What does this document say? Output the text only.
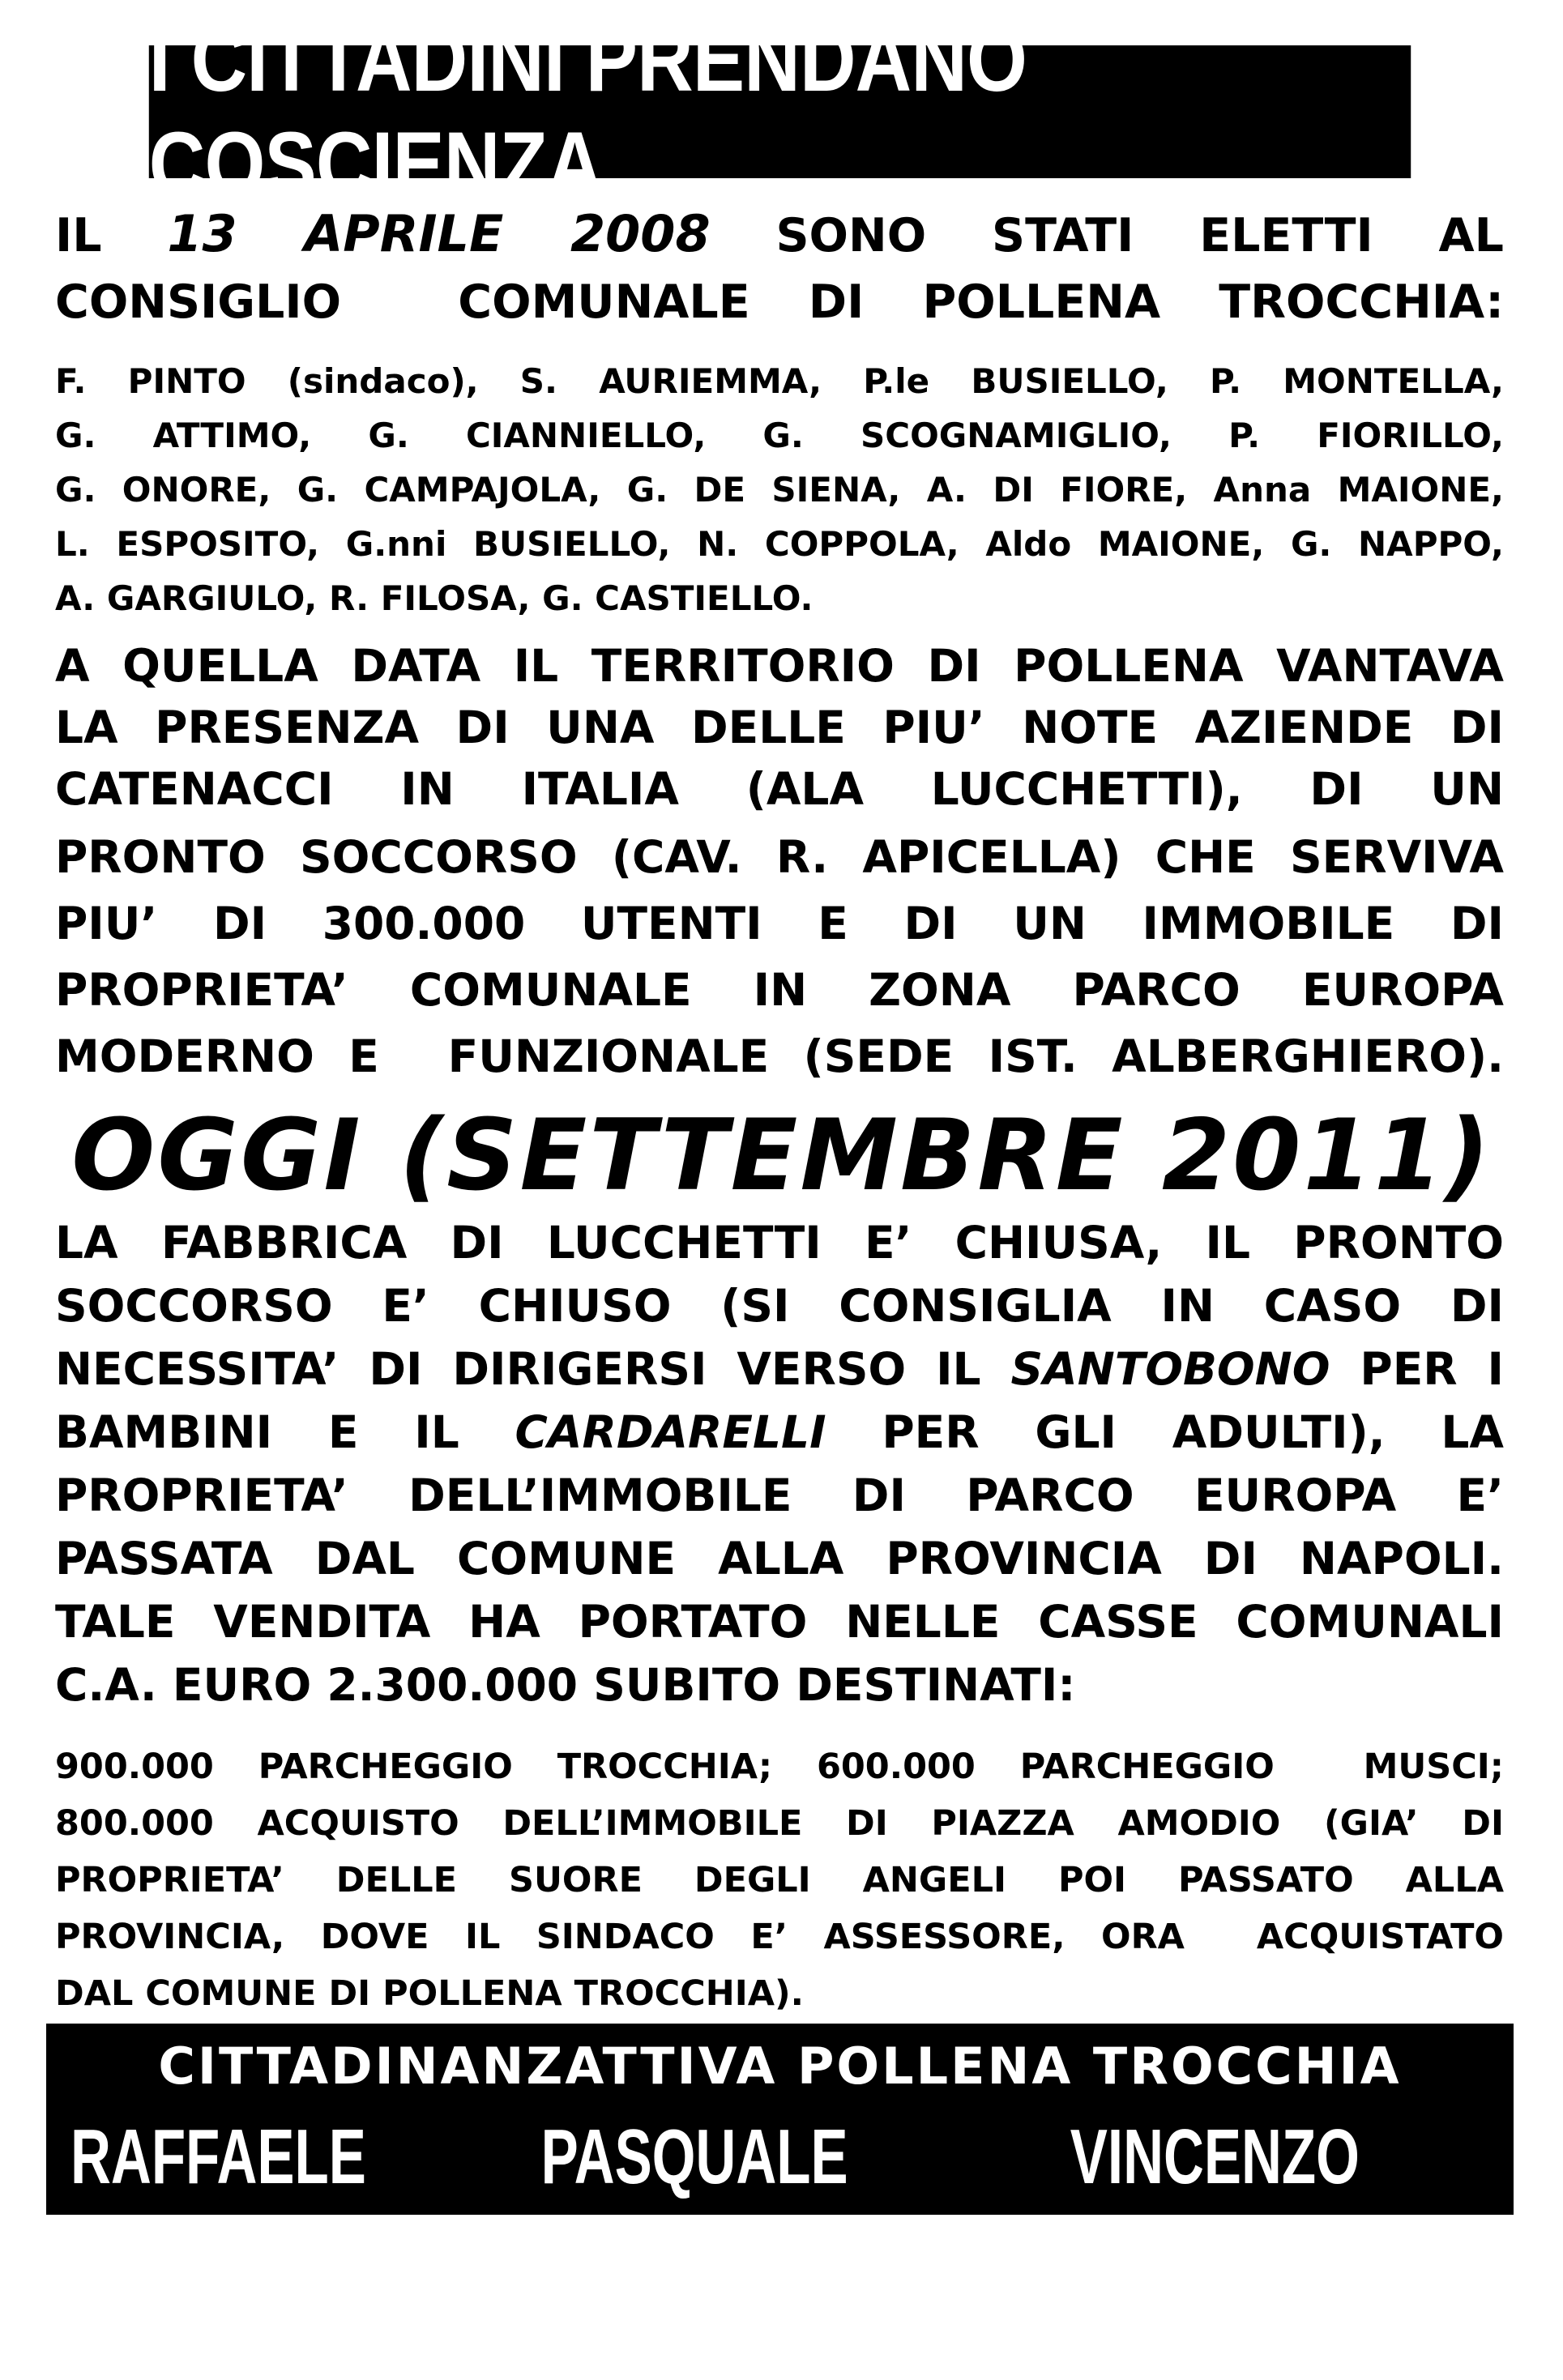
I CITTADINI PRENDANO COSCIENZA
IL 13 APRILE 2008 SONO STATI ELETTI AL
CONSIGLIO  COMUNALE DI POLLENA TROCCHIA:
F. PINTO (sindaco), S. AURIEMMA, P.le BUSIELLO, P. MONTELLA,
G. ATTIMO, G. CIANNIELLO, G. SCOGNAMIGLIO, P. FIORILLO,
G. ONORE, G. CAMPAJOLA, G. DE SIENA, A. DI FIORE, Anna MAIONE,
L. ESPOSITO, G.nni BUSIELLO, N. COPPOLA, Aldo MAIONE, G. NAPPO,
A. GARGIULO, R. FILOSA, G. CASTIELLO.
A QUELLA DATA IL TERRITORIO DI POLLENA VANTAVA
LA PRESENZA DI UNA DELLE PIU’ NOTE AZIENDE DI
CATENACCI IN ITALIA (ALA LUCCHETTI), DI UN
PRONTO SOCCORSO (CAV. R. APICELLA) CHE SERVIVA
PIU’ DI 300.000 UTENTI E DI UN IMMOBILE DI
PROPRIETA’ COMUNALE IN ZONA PARCO EUROPA
MODERNO E  FUNZIONALE (SEDE IST. ALBERGHIERO).
OGGI (SETTEMBRE 2011)
LA FABBRICA DI LUCCHETTI E’ CHIUSA, IL PRONTO
SOCCORSO E’ CHIUSO (SI CONSIGLIA IN CASO DI
NECESSITA’ DI DIRIGERSI VERSO IL SANTOBONO PER I
BAMBINI E IL CARDARELLI PER GLI ADULTI), LA
PROPRIETA’ DELL’IMMOBILE DI PARCO EUROPA E’
PASSATA DAL COMUNE ALLA PROVINCIA DI NAPOLI.
TALE VENDITA HA PORTATO NELLE CASSE COMUNALI
C.A. EURO 2.300.000 SUBITO DESTINATI:
900.000 PARCHEGGIO TROCCHIA; 600.000 PARCHEGGIO  MUSCI;
800.000 ACQUISTO DELL’IMMOBILE DI PIAZZA AMODIO (GIA’ DI
PROPRIETA’ DELLE SUORE DEGLI ANGELI POI PASSATO ALLA
PROVINCIA, DOVE IL SINDACO E’ ASSESSORE, ORA  ACQUISTATO
DAL COMUNE DI POLLENA TROCCHIA).
CITTADINANZATTIVA POLLENA TROCCHIA
RAFFAELE DI FIORE
PASQUALE MURONE
VINCENZO SANNINO E PIPPO
